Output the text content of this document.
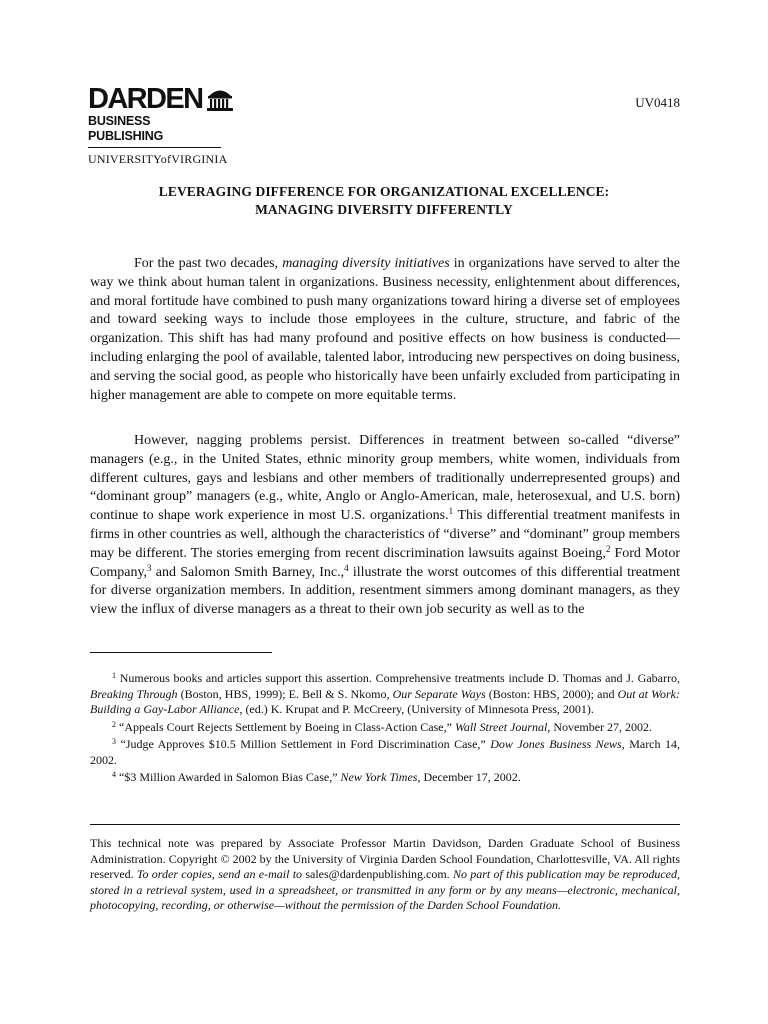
DARDEN
BUSINESS PUBLISHING
UNIVERSITYofVIRGINIA
UV0418
LEVERAGING DIFFERENCE FOR ORGANIZATIONAL EXCELLENCE:
MANAGING DIVERSITY DIFFERENTLY

For the past two decades, managing diversity initiatives in organizations have served to alter the way we think about human talent in organizations. Business necessity, enlightenment about differences, and moral fortitude have combined to push many organizations toward hiring a diverse set of employees and toward seeking ways to include those employees in the culture, structure, and fabric of the organization. This shift has had many profound and positive effects on how business is conducted—including enlarging the pool of available, talented labor, introducing new perspectives on doing business, and serving the social good, as people who historically have been unfairly excluded from participating in higher management are able to compete on more equitable terms.

However, nagging problems persist. Differences in treatment between so-called “diverse” managers (e.g., in the United States, ethnic minority group members, white women, individuals from different cultures, gays and lesbians and other members of traditionally underrepresented groups) and “dominant group” managers (e.g., white, Anglo or Anglo-American, male, heterosexual, and U.S. born) continue to shape work experience in most U.S. organizations.$^1$ This differential treatment manifests in firms in other countries as well, although the characteristics of “diverse” and “dominant” group members may be different. The stories emerging from recent discrimination lawsuits against Boeing,$^2$ Ford Motor Company,$^3$ and Salomon Smith Barney, Inc.,$^4$ illustrate the worst outcomes of this differential treatment for diverse organization members. In addition, resentment simmers among dominant managers, as they view the influx of diverse managers as a threat to their own job security as well as to the

$^1$ Numerous books and articles support this assertion. Comprehensive treatments include D. Thomas and J. Gabarro, Breaking Through (Boston, HBS, 1999); E. Bell & S. Nkomo, Our Separate Ways (Boston: HBS, 2000); and Out at Work: Building a Gay-Labor Alliance, (ed.) K. Krupat and P. McCreery, (University of Minnesota Press, 2001).

$^2$ “Appeals Court Rejects Settlement by Boeing in Class-Action Case,” Wall Street Journal, November 27, 2002.

$^3$ “Judge Approves $10.5 Million Settlement in Ford Discrimination Case,” Dow Jones Business News, March 14, 2002.

$^4$ “$3 Million Awarded in Salomon Bias Case,” New York Times, December 17, 2002.

This technical note was prepared by Associate Professor Martin Davidson, Darden Graduate School of Business Administration. Copyright © 2002 by the University of Virginia Darden School Foundation, Charlottesville, VA. All rights reserved. To order copies, send an e-mail to sales@dardenpublishing.com. No part of this publication may be reproduced, stored in a retrieval system, used in a spreadsheet, or transmitted in any form or by any means—electronic, mechanical, photocopying, recording, or otherwise—without the permission of the Darden School Foundation.
